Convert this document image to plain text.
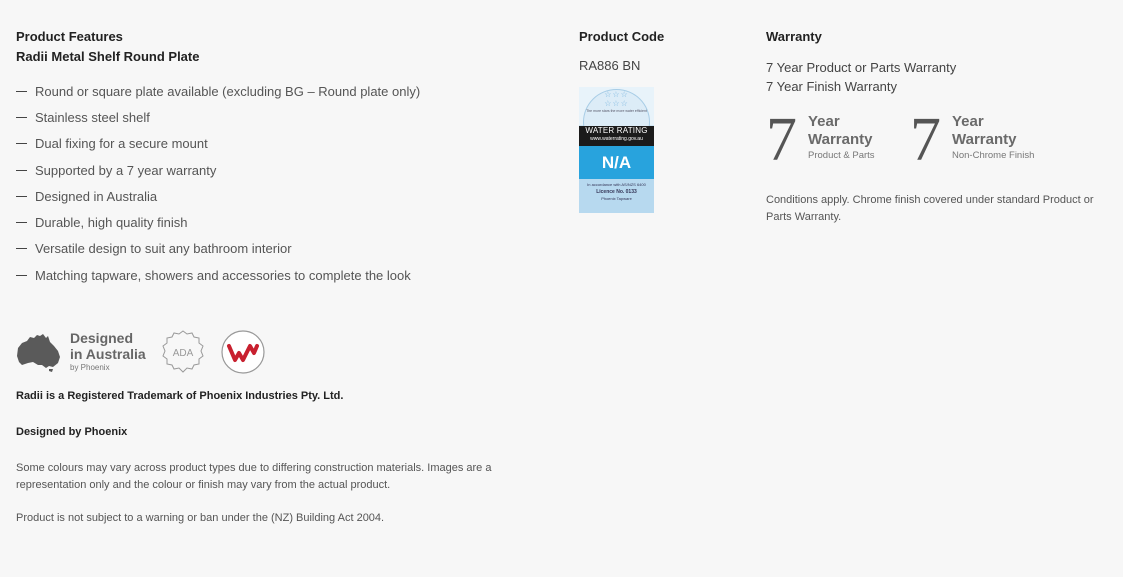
Product Features
Radii Metal Shelf Round Plate
Round or square plate available (excluding BG – Round plate only)
Stainless steel shelf
Dual fixing for a secure mount
Supported by a 7 year warranty
Designed in Australia
Durable, high quality finish
Versatile design to suit any bathroom interior
Matching tapware, showers and accessories to complete the look
Product Code
RA886 BN
☆☆☆
☆☆☆
The more stars the more water efficient
WATER RATING
www.waterrating.gov.au
N/A
In accordance with AS/NZS 6400
Licence No. 0133
Phoenix Tapware
Warranty
7 Year Product or Parts Warranty
7 Year Finish Warranty
7 Year
Warranty
Product & Parts 7 Year
Warranty
Non-Chrome Finish
Conditions apply. Chrome finish covered under standard Product or Parts Warranty.
Designed
in Australia
by Phoenix
ADA
Radii is a Registered Trademark of Phoenix Industries Pty. Ltd.
Designed by Phoenix
Some colours may vary across product types due to differing construction materials. Images are a representation only and the colour or finish may vary from the actual product.
Product is not subject to a warning or ban under the (NZ) Building Act 2004.
